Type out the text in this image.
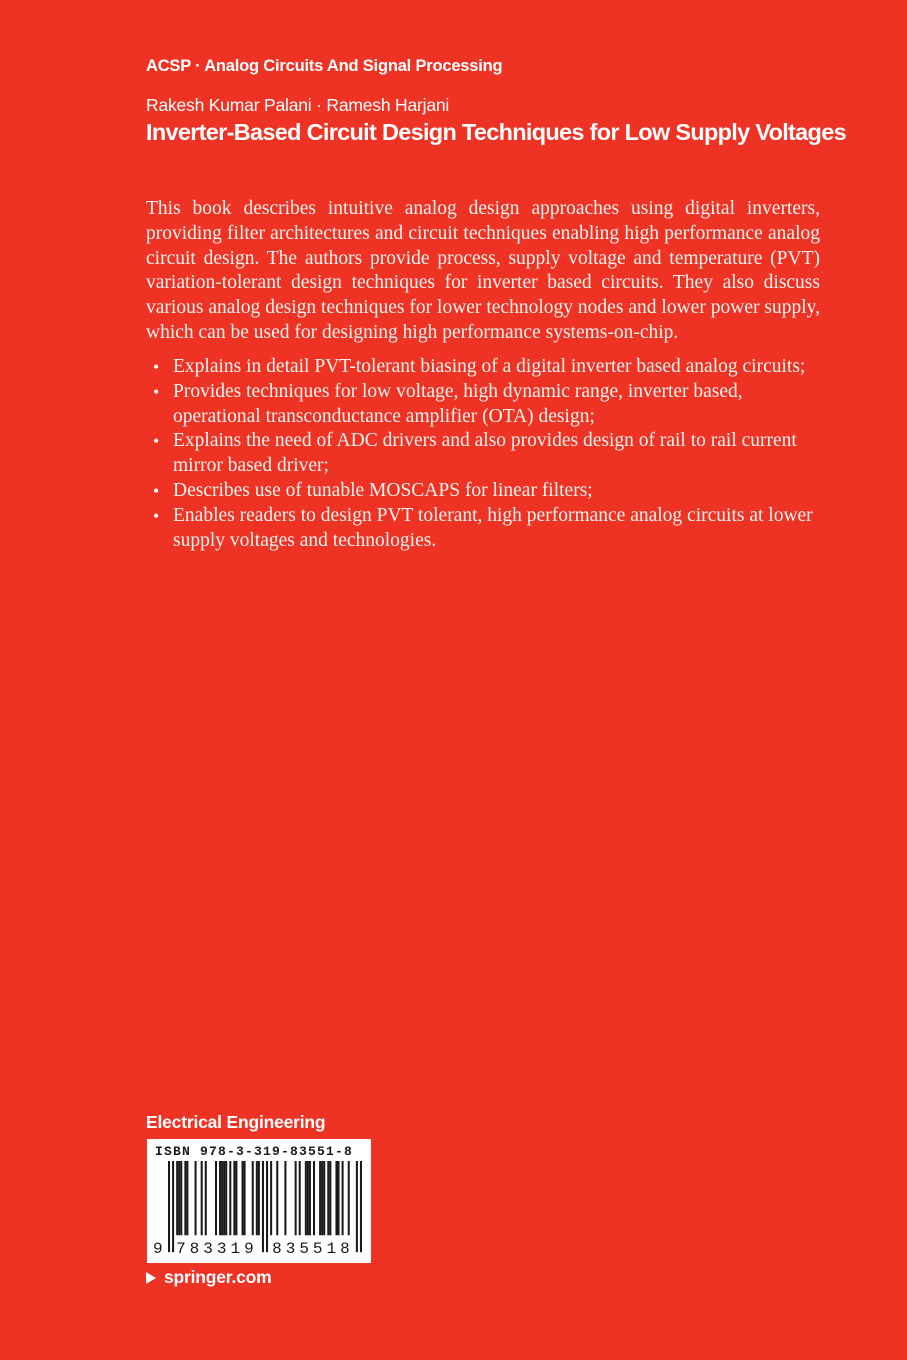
ACSP · Analog Circuits And Signal Processing
Rakesh Kumar Palani · Ramesh Harjani
Inverter-Based Circuit Design Techniques for Low Supply Voltages

This book describes intuitive analog design approaches using digital inverters, providing filter architectures and circuit techniques enabling high performance analog circuit design. The authors provide process, supply voltage and temperature (PVT) variation-tolerant design techniques for inverter based circuits. They also discuss various analog design techniques for lower technology nodes and lower power supply, which can be used for designing high performance systems-on-chip.

• Explains in detail PVT-tolerant biasing of a digital inverter based analog circuits;
• Provides techniques for low voltage, high dynamic range, inverter based, operational transconductance amplifier (OTA) design;
• Explains the need of ADC drivers and also provides design of rail to rail current mirror based driver;
• Describes use of tunable MOSCAPS for linear filters;
• Enables readers to design PVT tolerant, high performance analog circuits at lower supply voltages and technologies.
Electrical Engineering
ISBN 978-3-319-83551-8
9 783319 835518
springer.com
